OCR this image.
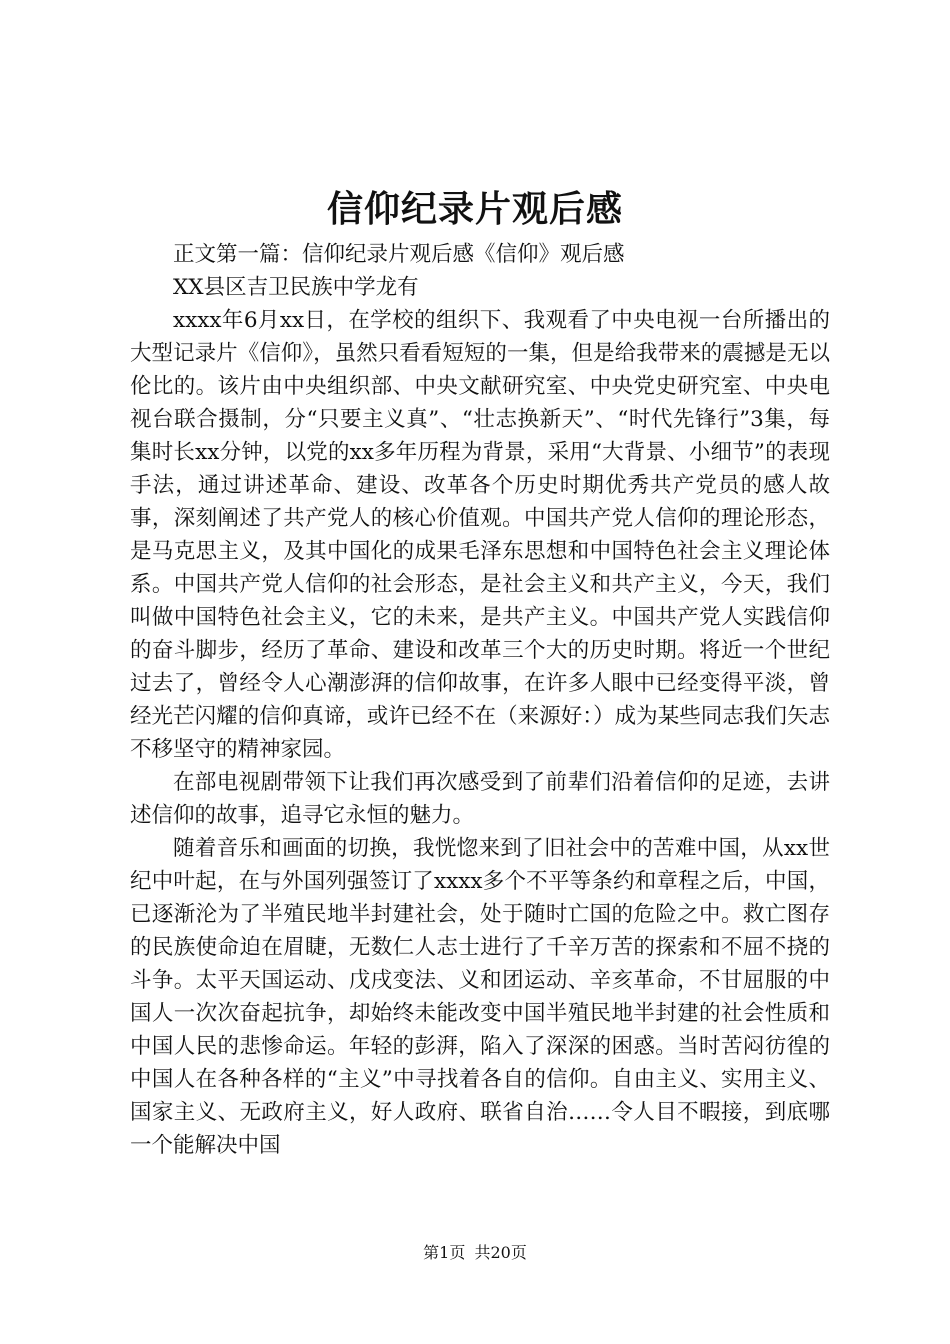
信仰纪录片观后感

正文第一篇：信仰纪录片观后感《信仰》观后感

XX县区吉卫民族中学龙有

xxxx年6月xx日，在学校的组织下、我观看了中央电视一台所播出的大型记录片《信仰》，虽然只看看短短的一集，但是给我带来的震撼是无以伦比的。该片由中央组织部、中央文献研究室、中央党史研究室、中央电视台联合摄制，分“只要主义真”、“壮志换新天”、“时代先锋行”3集，每集时长xx分钟，以党的xx多年历程为背景，采用“大背景、小细节”的表现手法，通过讲述革命、建设、改革各个历史时期优秀共产党员的感人故事，深刻阐述了共产党人的核心价值观。中国共产党人信仰的理论形态，是马克思主义，及其中国化的成果毛泽东思想和中国特色社会主义理论体系。中国共产党人信仰的社会形态，是社会主义和共产主义，今天，我们叫做中国特色社会主义，它的未来，是共产主义。中国共产党人实践信仰的奋斗脚步，经历了革命、建设和改革三个大的历史时期。将近一个世纪过去了，曾经令人心潮澎湃的信仰故事，在许多人眼中已经变得平淡，曾经光芒闪耀的信仰真谛，或许已经不在（来源好：）成为某些同志我们矢志不移坚守的精神家园。

在部电视剧带领下让我们再次感受到了前辈们沿着信仰的足迹，去讲述信仰的故事，追寻它永恒的魅力。

随着音乐和画面的切换，我恍惚来到了旧社会中的苦难中国，从xx世纪中叶起，在与外国列强签订了xxxx多个不平等条约和章程之后，中国，已逐渐沦为了半殖民地半封建社会，处于随时亡国的危险之中。救亡图存的民族使命迫在眉睫，无数仁人志士进行了千辛万苦的探索和不屈不挠的斗争。太平天国运动、戊戌变法、义和团运动、辛亥革命，不甘屈服的中国人一次次奋起抗争，却始终未能改变中国半殖民地半封建的社会性质和中国人民的悲惨命运。年轻的彭湃，陷入了深深的困惑。当时苦闷彷徨的中国人在各种各样的“主义”中寻找着各自的信仰。自由主义、实用主义、国家主义、无政府主义，好人政府、联省自治……令人目不暇接，到底哪一个能解决中国

第1页 共20页
